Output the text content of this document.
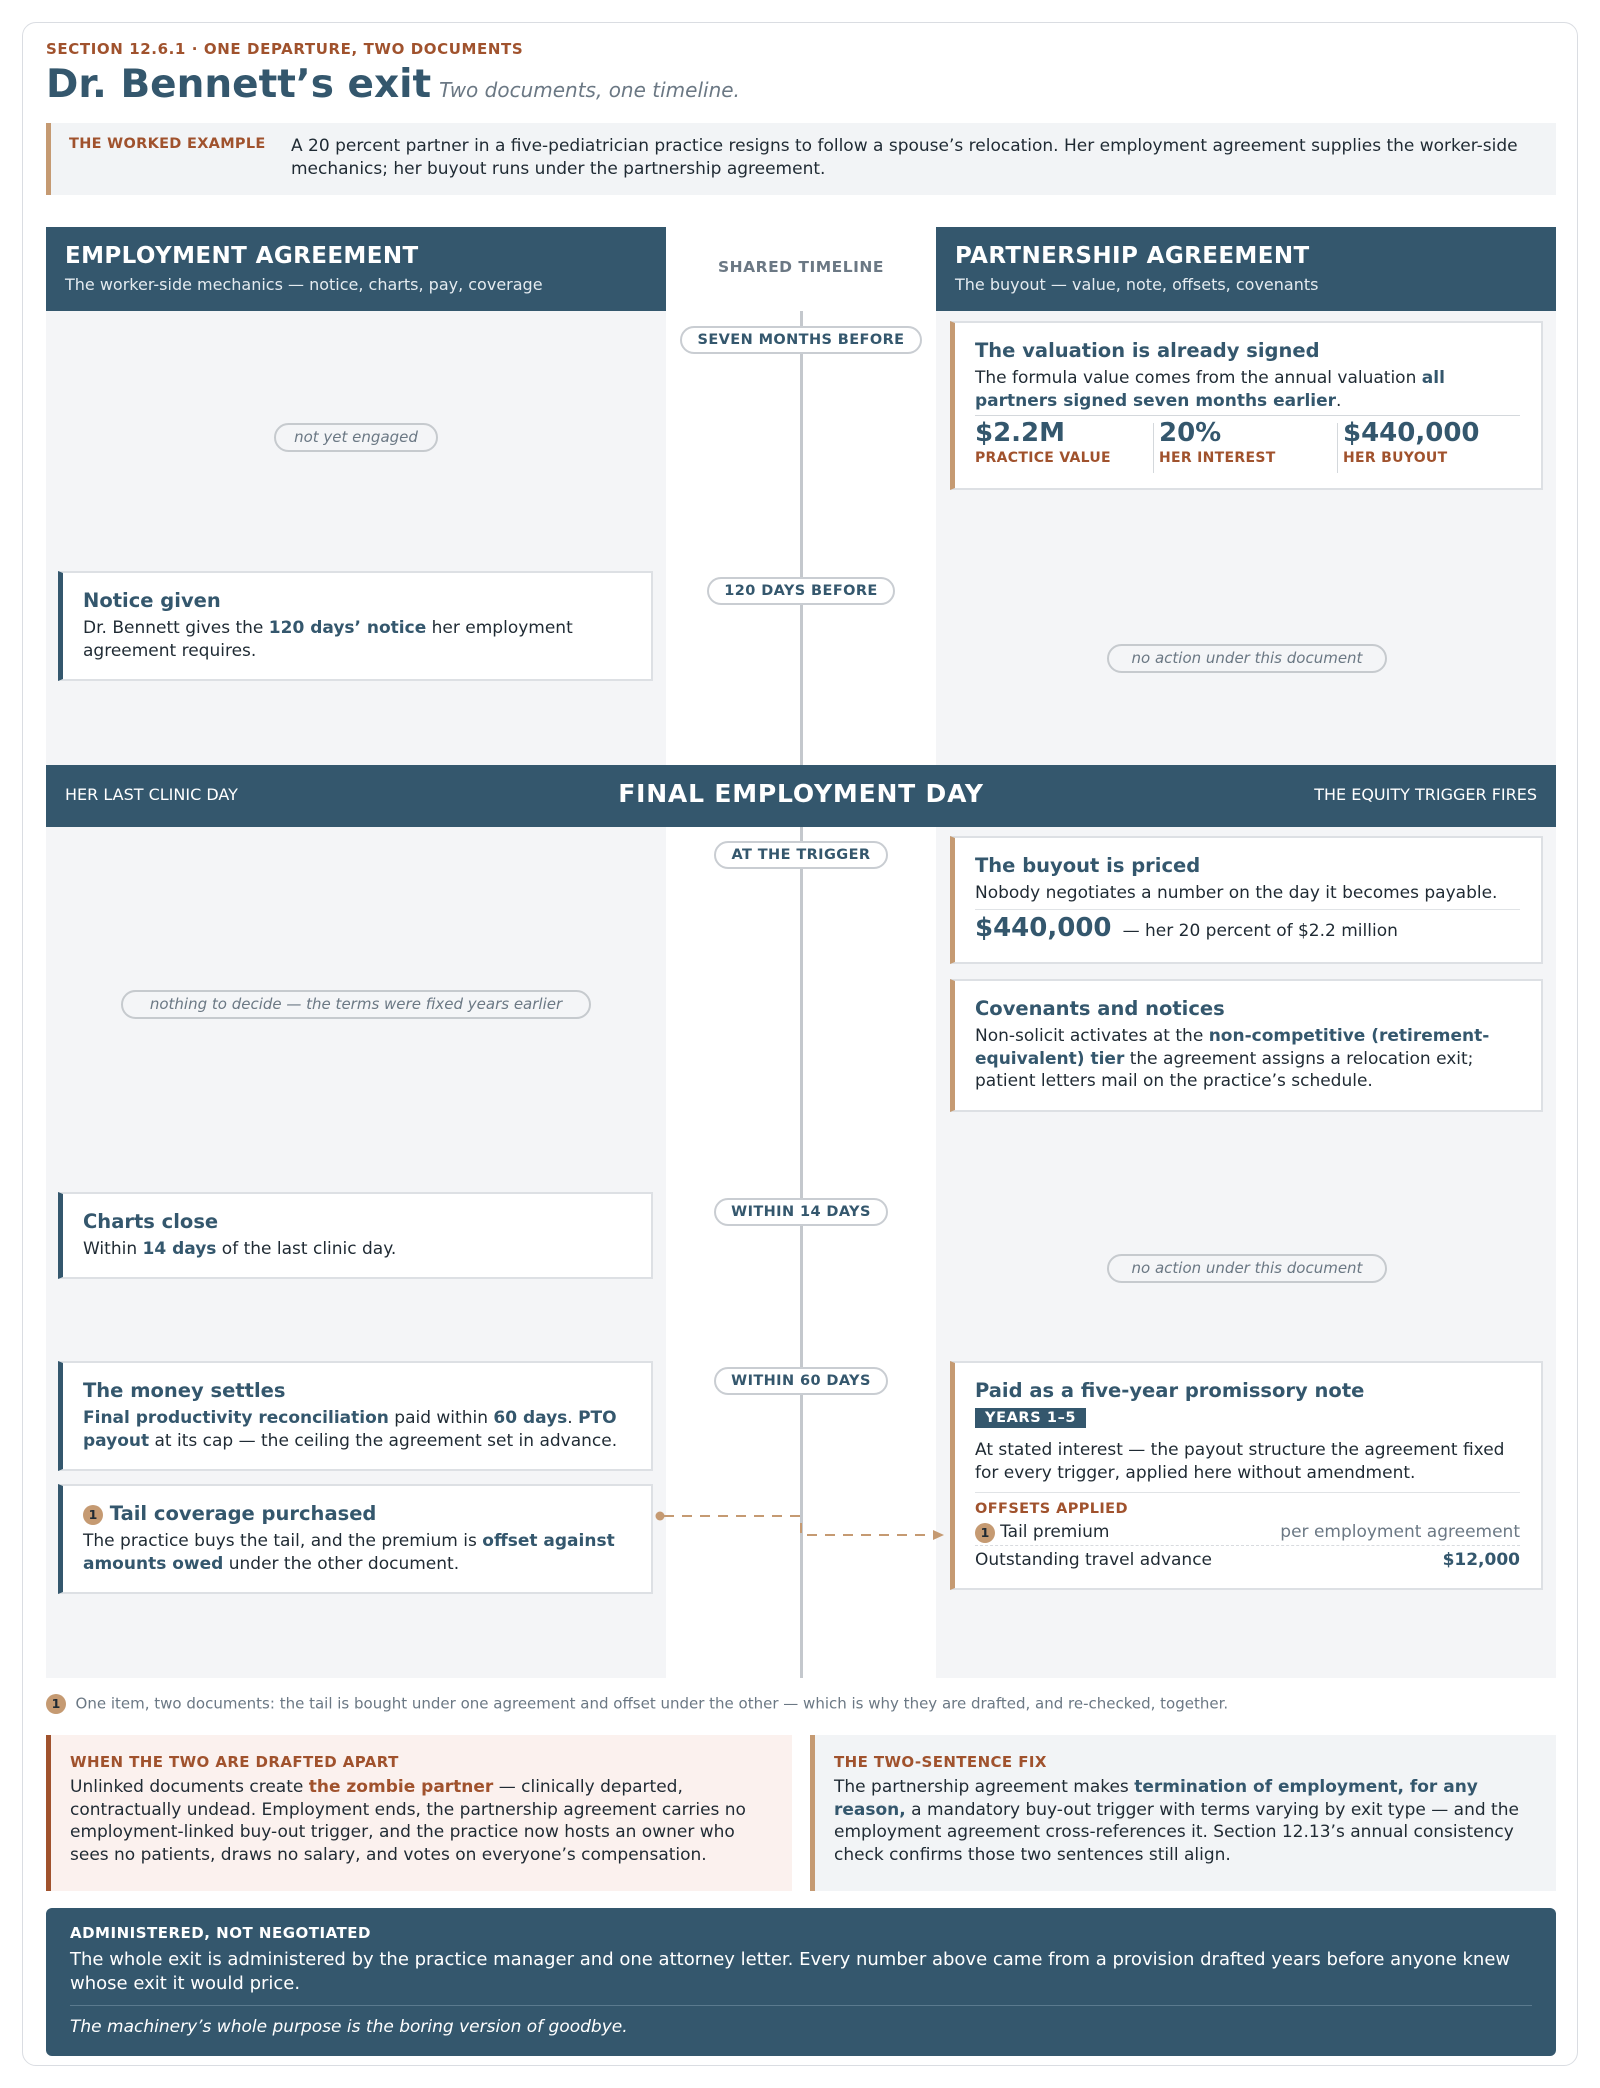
SECTION 12.6.1 · ONE DEPARTURE, TWO DOCUMENTS
Dr. Bennett’s exit Two documents, one timeline.
THE WORKED EXAMPLE A 20 percent partner in a five-pediatrician practice resigns to follow a spouse’s relocation. Her employment agreement supplies the worker-side mechanics; her buyout runs under the partnership agreement.
EMPLOYMENT AGREEMENT
The worker-side mechanics — notice, charts, pay, coverage
PARTNERSHIP AGREEMENT
The buyout — value, note, offsets, covenants
SHARED TIMELINE
SEVEN MONTHS BEFORE
120 DAYS BEFORE
AT THE TRIGGER
WITHIN 14 DAYS
WITHIN 60 DAYS
not yet engaged
no action under this document
nothing to decide — the terms were fixed years earlier
no action under this document
The valuation is already signed
The formula value comes from the annual valuation all partners signed seven months earlier.
$2.2M
PRACTICE VALUE
20%
HER INTEREST
$440,000
HER BUYOUT
Notice given
Dr. Bennett gives the 120 days’ notice her employment agreement requires.
HER LAST CLINIC DAY	FINAL EMPLOYMENT DAY	THE EQUITY TRIGGER FIRES
The buyout is priced
Nobody negotiates a number on the day it becomes payable.
$440,000 — her 20 percent of $2.2 million
Covenants and notices
Non-solicit activates at the non-competitive (retirement-equivalent) tier the agreement assigns a relocation exit; patient letters mail on the practice’s schedule.
Charts close
Within 14 days of the last clinic day.
The money settles
Final productivity reconciliation paid within 60 days. PTO payout at its cap — the ceiling the agreement set in advance.
1 Tail coverage purchased
The practice buys the tail, and the premium is offset against amounts owed under the other document.
Paid as a five-year promissory note
YEARS 1–5
At stated interest — the payout structure the agreement fixed for every trigger, applied here without amendment.
OFFSETS APPLIED
1 Tail premium	per employment agreement
Outstanding travel advance	$12,000
1 One item, two documents: the tail is bought under one agreement and offset under the other — which is why they are drafted, and re-checked, together.
WHEN THE TWO ARE DRAFTED APART
Unlinked documents create the zombie partner — clinically departed, contractually undead. Employment ends, the partnership agreement carries no employment-linked buy-out trigger, and the practice now hosts an owner who sees no patients, draws no salary, and votes on everyone’s compensation.
THE TWO-SENTENCE FIX
The partnership agreement makes termination of employment, for any reason, a mandatory buy-out trigger with terms varying by exit type — and the employment agreement cross-references it. Section 12.13’s annual consistency check confirms those two sentences still align.
ADMINISTERED, NOT NEGOTIATED
The whole exit is administered by the practice manager and one attorney letter. Every number above came from a provision drafted years before anyone knew whose exit it would price.
The machinery’s whole purpose is the boring version of goodbye.
